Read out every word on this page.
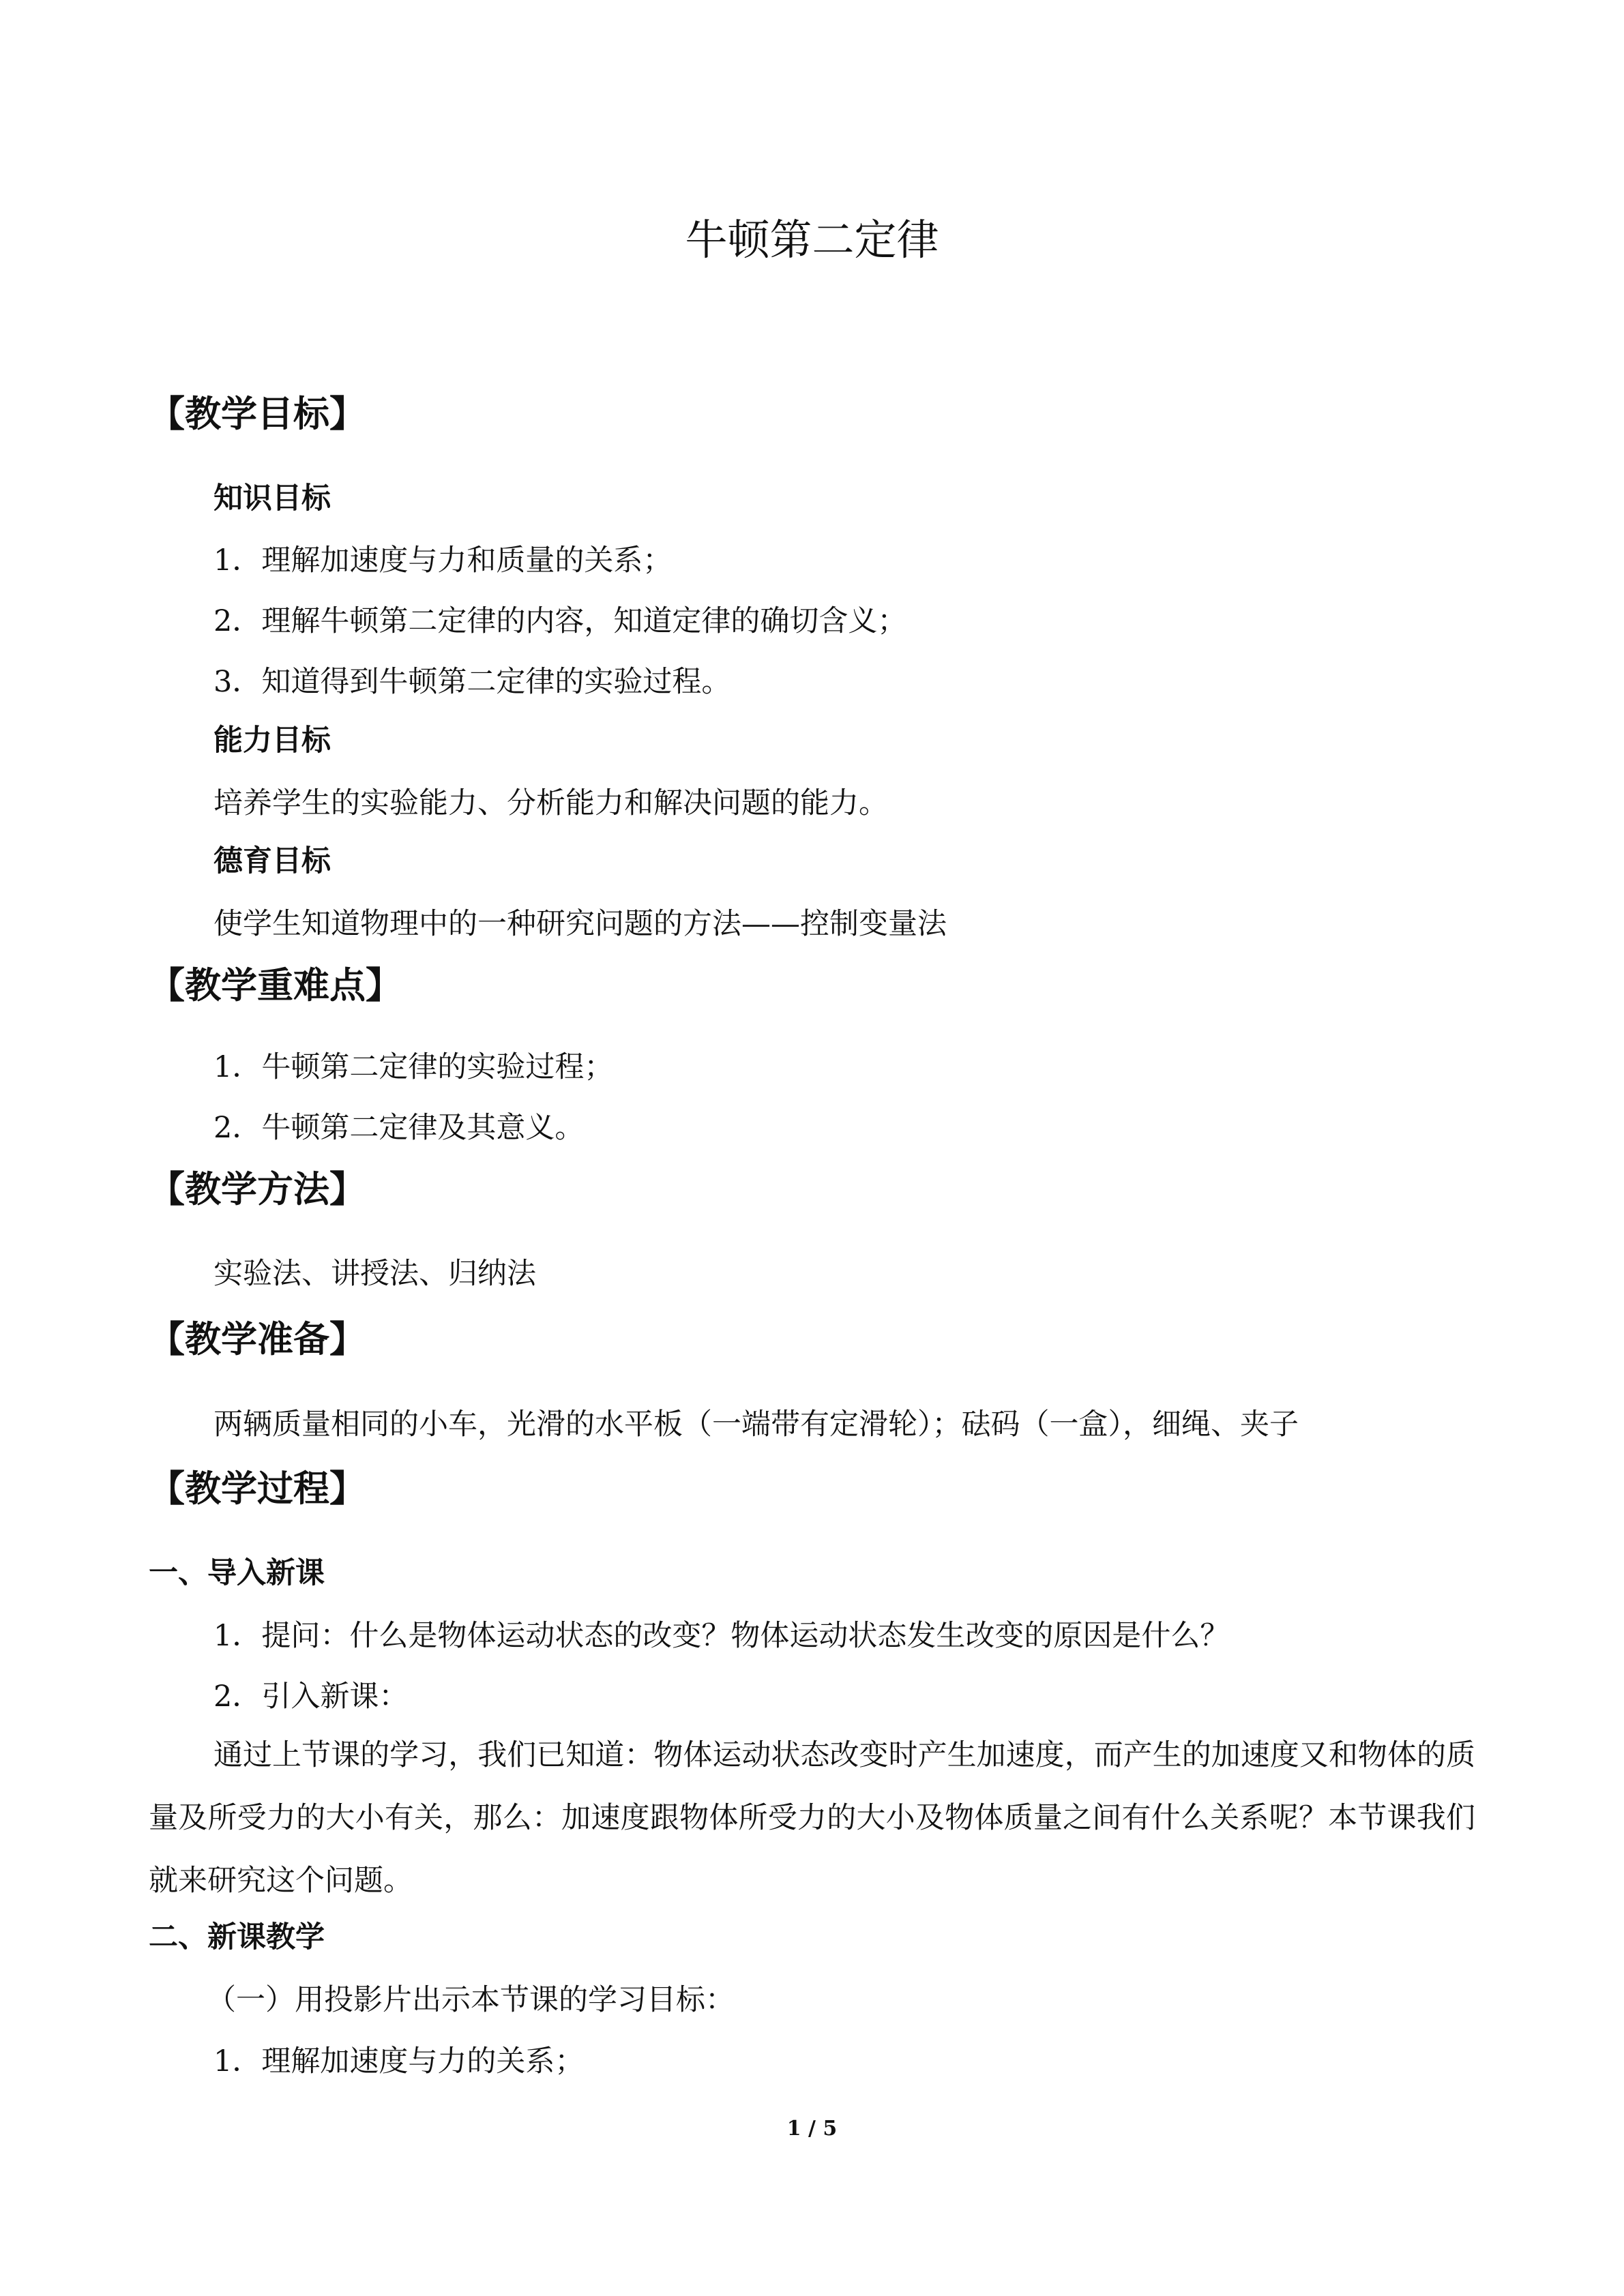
牛顿第二定律
【教学目标】
知识目标
1．理解加速度与力和质量的关系；
2．理解牛顿第二定律的内容，知道定律的确切含义；
3．知道得到牛顿第二定律的实验过程。
能力目标
培养学生的实验能力、分析能力和解决问题的能力。
德育目标
使学生知道物理中的一种研究问题的方法——控制变量法
【教学重难点】
1．牛顿第二定律的实验过程；
2．牛顿第二定律及其意义。
【教学方法】
实验法、讲授法、归纳法
【教学准备】
两辆质量相同的小车，光滑的水平板（一端带有定滑轮）；砝码（一盒），细绳、夹子
【教学过程】
一、导入新课
1．提问：什么是物体运动状态的改变？物体运动状态发生改变的原因是什么？
2．引入新课：

通过上节课的学习，我们已知道：物体运动状态改变时产生加速度，而产生的加速度又和物体的质量及所受力的大小有关，那么：加速度跟物体所受力的大小及物体质量之间有什么关系呢？本节课我们就来研究这个问题。

二、新课教学
（一）用投影片出示本节课的学习目标：
1．理解加速度与力的关系；
1 / 5
